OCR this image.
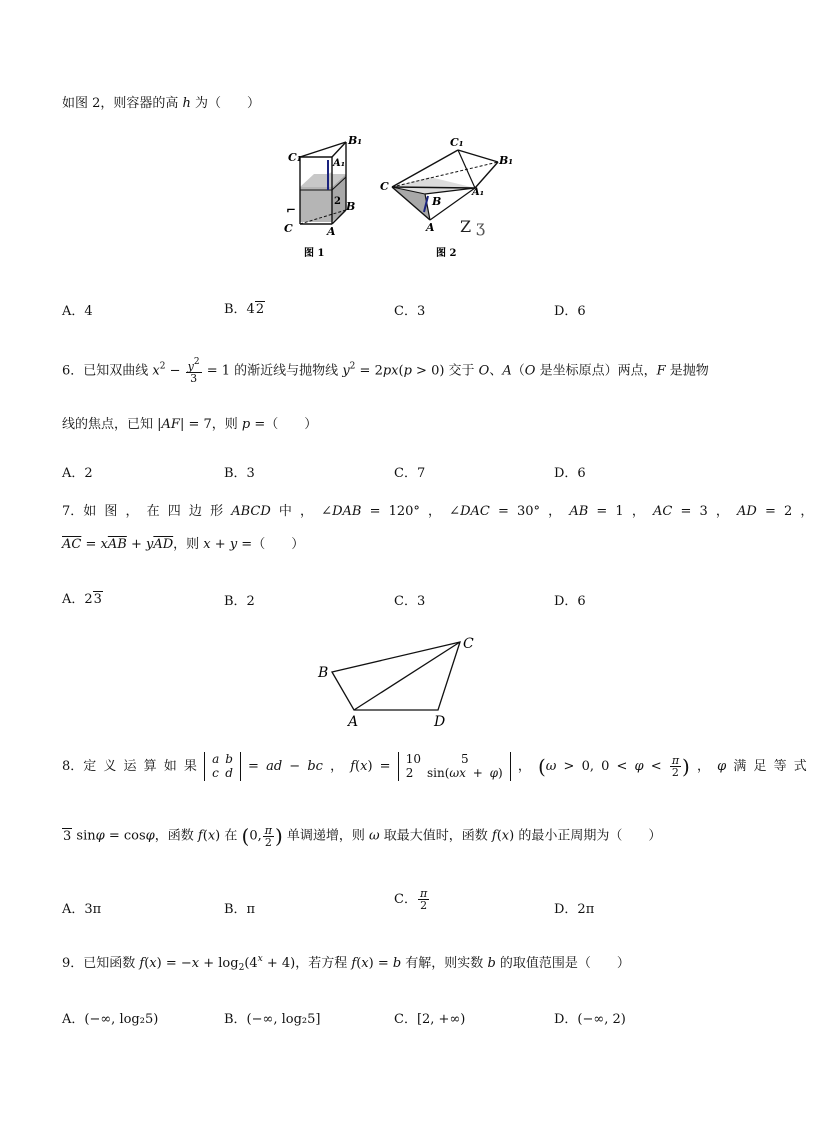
如图 2，则容器的高 h 为（　　）
C₁
B₁
A₁
C	A
B
2
⌐
C₁
B₁
C	A₁
B
A Z ʒ
图 1	图 2
A．4	B．42	C．3	D．6
6．已知双曲线 $x^2 - \frac{y^2}{3} = 1$ 的渐近线与抛物线 $y^2 = 2px(p > 0)$ 交于 O、A（O 是坐标原点）两点，F 是抛物
线的焦点，已知 |AF| = 7，则 p =（　　）
A．2	B．3	C．7	D．6
7．如 图 ， 在 四 边 形 ABCD 中 ， ∠DAB = 120° ， ∠DAC = 30° ， AB = 1 ， AC = 3 ， AD = 2 ，
$\overline{AC} = x\overline{AB} + y\overline{AD}$，则 x + y =（　　）
A．23	B．2	C．3	D．6
B
C
A	D
8．定 义 运 算 如 果 a	b
c	d = ad − bc ， f(x) = 10	5
2	sin(ωx + φ) ， (ω > 0, $0 < \varphi < \frac{\pi}{2}$ ) ， φ 满 足 等 式
3 sinφ = cosφ，函数 f(x) 在 (0, $\frac{\pi}{2}$ ) 单调递增，则 ω 取最大值时，函数 f(x) 的最小正周期为（　　）
A．3π	B．π
C． $\frac{\pi}{2}$	D．2π
9．已知函数 $f(x) = -x + \log_2(4^x + 4)$，若方程 f(x) = b 有解，则实数 b 的取值范围是（　　）
A．(−∞, log₂5)	B．(−∞, log₂5]	C．[2, +∞)	D．(−∞, 2)
